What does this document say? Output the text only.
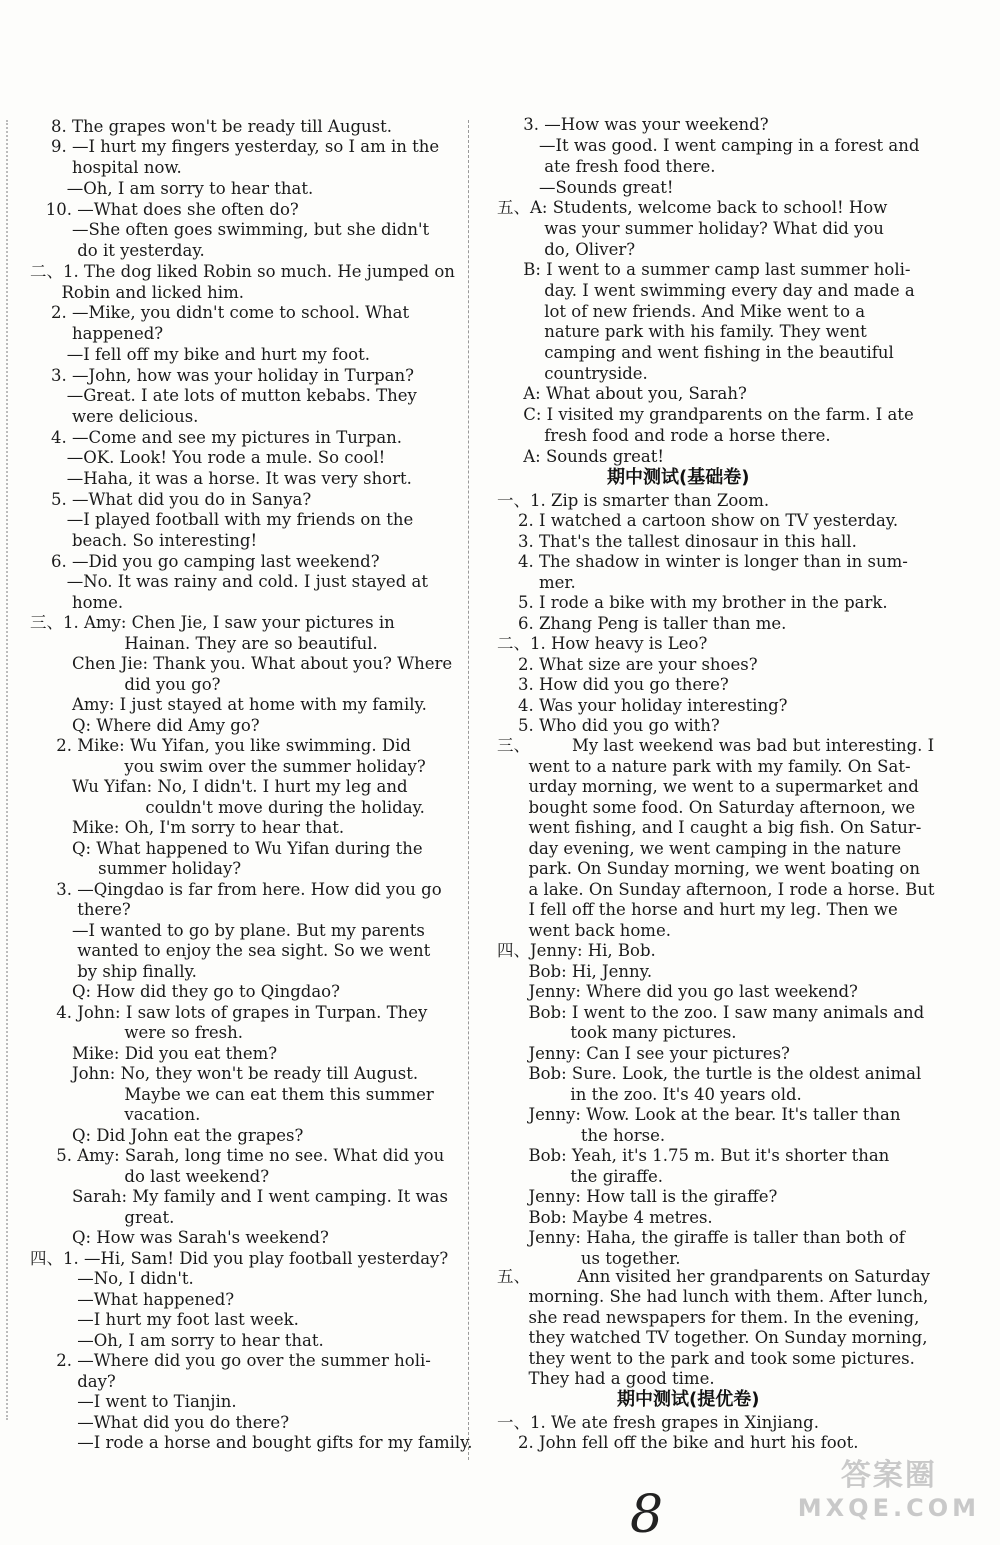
8. The grapes won't be ready till August.
9. —I hurt my fingers yesterday, so I am in the
hospital now.
—Oh, I am sorry to hear that.
10. —What does she often do?
—She often goes swimming, but she didn't
do it yesterday.
二、1. The dog liked Robin so much. He jumped on
Robin and licked him.
2. —Mike, you didn't come to school. What
happened?
—I fell off my bike and hurt my foot.
3. —John, how was your holiday in Turpan?
—Great. I ate lots of mutton kebabs. They
were delicious.
4. —Come and see my pictures in Turpan.
—OK. Look! You rode a mule. So cool!
—Haha, it was a horse. It was very short.
5. —What did you do in Sanya?
—I played football with my friends on the
beach. So interesting!
6. —Did you go camping last weekend?
—No. It was rainy and cold. I just stayed at
home.
三、1. Amy: Chen Jie, I saw your pictures in
Hainan. They are so beautiful.
Chen Jie: Thank you. What about you? Where
did you go?
Amy: I just stayed at home with my family.
Q: Where did Amy go?
2. Mike: Wu Yifan, you like swimming. Did
you swim over the summer holiday?
Wu Yifan: No, I didn't. I hurt my leg and
couldn't move during the holiday.
Mike: Oh, I'm sorry to hear that.
Q: What happened to Wu Yifan during the
summer holiday?
3. —Qingdao is far from here. How did you go
there?
—I wanted to go by plane. But my parents
wanted to enjoy the sea sight. So we went
by ship finally.
Q: How did they go to Qingdao?
4. John: I saw lots of grapes in Turpan. They
were so fresh.
Mike: Did you eat them?
John: No, they won't be ready till August.
Maybe we can eat them this summer
vacation.
Q: Did John eat the grapes?
5. Amy: Sarah, long time no see. What did you
do last weekend?
Sarah: My family and I went camping. It was
great.
Q: How was Sarah's weekend?
四、1. —Hi, Sam! Did you play football yesterday?
—No, I didn't.
—What happened?
—I hurt my foot last week.
—Oh, I am sorry to hear that.
2. —Where did you go over the summer holi-
day?
—I went to Tianjin.
—What did you do there?
—I rode a horse and bought gifts for my family.
期中测试(基础卷)
期中测试(提优卷)
3. —How was your weekend?
—It was good. I went camping in a forest and
ate fresh food there.
—Sounds great!
五、A: Students, welcome back to school! How
was your summer holiday? What did you
do, Oliver?
B: I went to a summer camp last summer holi-
day. I went swimming every day and made a
lot of new friends. And Mike went to a
nature park with his family. They went
camping and went fishing in the beautiful
countryside.
A: What about you, Sarah?
C: I visited my grandparents on the farm. I ate
fresh food and rode a horse there.
A: Sounds great!
一、1. Zip is smarter than Zoom.
2. I watched a cartoon show on TV yesterday.
3. That's the tallest dinosaur in this hall.
4. The shadow in winter is longer than in sum-
mer.
5. I rode a bike with my brother in the park.
6. Zhang Peng is taller than me.
二、1. How heavy is Leo?
2. What size are your shoes?
3. How did you go there?
4. Was your holiday interesting?
5. Who did you go with?
三、        My last weekend was bad but interesting. I
went to a nature park with my family. On Sat-
urday morning, we went to a supermarket and
bought some food. On Saturday afternoon, we
went fishing, and I caught a big fish. On Satur-
day evening, we went camping in the nature
park. On Sunday morning, we went boating on
a lake. On Sunday afternoon, I rode a horse. But
I fell off the horse and hurt my leg. Then we
went back home.
四、Jenny: Hi, Bob.
Bob: Hi, Jenny.
Jenny: Where did you go last weekend?
Bob: I went to the zoo. I saw many animals and
took many pictures.
Jenny: Can I see your pictures?
Bob: Sure. Look, the turtle is the oldest animal
in the zoo. It's 40 years old.
Jenny: Wow. Look at the bear. It's taller than
the horse.
Bob: Yeah, it's 1.75 m. But it's shorter than
the giraffe.
Jenny: How tall is the giraffe?
Bob: Maybe 4 metres.
Jenny: Haha, the giraffe is taller than both of
us together.
五、         Ann visited her grandparents on Saturday
morning. She had lunch with them. After lunch,
she read newspapers for them. In the evening,
they watched TV together. On Sunday morning,
they went to the park and took some pictures.
They had a good time.
一、1. We ate fresh grapes in Xinjiang.
2. John fell off the bike and hurt his foot.
8
答案圈
MXQE.COM
